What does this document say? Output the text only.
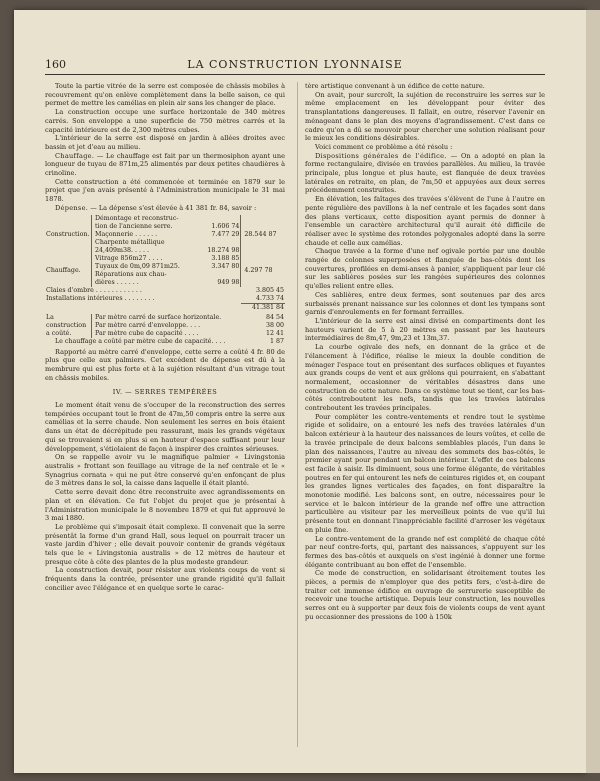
160	LA CONSTRUCTION LYONNAISE

Toute la partie vitrée de la serre est composée de châssis mobiles à recouvrement qu'on enlève complètement dans la belle saison, ce qui permet de mettre les camélias en plein air sans les changer de place.

La construction occupe une surface horizontale de 340 mètres carrés. Son enveloppe a une superficie de 750 mètres carrés et la capacité intérieure est de 2,300 mètres cubes.

L'intérieur de la serre est disposé en jardin à allées droites avec bassin et jet d'eau au milieu.

Chauffage. — Le chauffage est fait par un thermosiphon ayant une longueur de tuyau de 871m,25 alimentés par deux petites chaudières à crinoline.

Cette construction a été commencée et terminée en 1879 sur le projet que j'en avais présenté à l'Administration municipale le 31 mai 1878.

Dépense. — La dépense s'est élevée à 41 381 fr. 84, savoir :

Construction.	Démontage et reconstruc-		28.544 87
	tion de l'ancienne serre.	1.606 74	
	Maçonnerie . . . . . .	7.477 29	
	Charpente métallique		
	24,409m38. . . . .	18.274 98	
Chauffage.	Vitrage 856m27 . . . .	3.188 85	4.297 78
	Tuyaux de 0m,09 871m25.	3.347 80	
	Réparations aux chau-		
	dières . . . . . .	949 98	
Claies d'ombre . . . . . . . . . . . .			3.805 45
Installations intérieures . . . . . . . .			4.733 74
			41.381 84
La construction
a coûté.	Par mètre carré de surface horizontale.	84 54
	Par mètre carré d'enveloppe. . . .	38 00
	Par mètre cube de capacité . . . .	12 41
Le chauffage a coûté par mètre cube de capacité. . . .		1 87

Rapporté au mètre carré d'enveloppe, cette serre a coûté 4 fr. 80 de plus que celle aux palmiers. Cet excédent de dépense est dû à la membrure qui est plus forte et à la sujétion résultant d'un vitrage tout en châssis mobiles.

IV. — SERRES TEMPÉRÉES

Le moment était venu de s'occuper de la reconstruction des serres tempérées occupant tout le front de 47m,50 compris entre la serre aux camélias et la serre chaude. Non seulement les serres en bois étaient dans un état de décrépitude peu rassurant, mais les grands végétaux qui se trouvaient si en plus si en hauteur d'espace suffisant pour leur développement, s'étiolaient de façon à inspirer des craintes sérieuses.

On se rappelle avoir vu le magnifique palmier « Livingstonia australis » frottant son feuillage au vitrage de la nef centrale et le « Synagrius cornata » qui ne put être conservé qu'en enfonçant de plus de 3 mètres dans le sol, la caisse dans laquelle il était planté.

Cette serre devait donc être reconstruite avec agrandissements en plan et en élévation. Ce fut l'objet du projet que je présentai à l'Administration municipale le 8 novembre 1879 et qui fut approuvé le 3 mai 1880.

Le problème qui s'imposait était complexe. Il convenait que la serre présentât la forme d'un grand Hall, sous lequel on pourrait tracer un vaste jardin d'hiver ; elle devait pouvoir contenir de grands végétaux tels que le « Livingstonia australis » de 12 mètres de hauteur et presque côte à côte des plantes de la plus modeste grandeur.

La construction devait, pour résister aux violents coups de vent si fréquents dans la contrée, présenter une grande rigidité qu'il fallait concilier avec l'élégance et en quelque sorte le carac-

tère artistique convenant à un édifice de cette nature.

On avait, pour surcroît, la sujétion de reconstruire les serres sur le même emplacement en les développant pour éviter des transplantations dangereuses. Il fallait, en outre, réserver l'avenir en ménageant dans le plan des moyens d'agrandissement. C'est dans ce cadre qu'on a dû se mouvoir pour chercher une solution réalisant pour le mieux les conditions désirables.

Voici comment ce problème a été résolu :

Dispositions générales de l'édifice. — On a adopté en plan la forme rectangulaire, divisée en travées parallèles. Au milieu, la travée principale, plus longue et plus haute, est flanquée de deux travées latérales en retraite, en plan, de 7m,50 et appuyées aux deux serres précédemment construites.

En élévation, les faîtages des travées s'élèvent de l'une à l'autre en pente régulière des pavillons à la nef centrale et les façades sont dans des plans verticaux, cette disposition ayant permis de donner à l'ensemble un caractère architectural qu'il aurait été difficile de réaliser avec le système des rotondes polygonales adopté dans la serre chaude et celle aux camélias.

Chaque travée a la forme d'une nef ogivale portée par une double rangée de colonnes superposées et flanquée de bas-côtés dont les couvertures, profilées en demi-anses à panier, s'appliquent par leur clé sur les sablières posées sur les rangées supérieures des colonnes qu'elles relient entre elles.

Ces sablières, entre deux fermes, sont soutenues par des arcs surbaissés prenant naissance sur les colonnes et dont les tympans sont garnis d'enroulements en fer formant ferrailles.

L'intérieur de la serre est ainsi divisé en compartiments dont les hauteurs varient de 5 à 20 mètres en passant par les hauteurs intermédiaires de 8m,47, 9m,23 et 13m,37.

La courbe ogivale des nefs, en donnant de la grâce et de l'élancement à l'édifice, réalise le mieux la double condition de ménager l'espace tout en présentant des surfaces obliques et fuyantes aux grands coups de vent et aux grêlons qui pourraient, en s'abattant normalement, occasionner de véritables désastres dans une construction de cette nature. Dans ce système tout se tient, car les bas-côtés contreboutent les nefs, tandis que les travées latérales contreboutent les travées principales.

Pour compléter les contre-ventements et rendre tout le système rigide et solidaire, on a entouré les nefs des travées latérales d'un balcon extérieur à la hauteur des naissances de leurs voûtes, et celle de la travée principale de deux balcons semblables placés, l'un dans le plan des naissances, l'autre au niveau des sommets des bas-côtés, le premier ayant pour pendant un balcon intérieur. L'effet de ces balcons est facile à saisir. Ils diminuent, sous une forme élégante, de véritables poutres en fer qui entourent les nefs de ceintures rigides et, en coupant les grandes lignes verticales des façades, en font disparaître la monotonie modifié. Les balcons sont, en outre, nécessaires pour le service et le balcon intérieur de la grande nef offre une attraction particulière au visiteur par les merveilleux points de vue qu'il lui présente tout en donnant l'inappréciable facilité d'arroser les végétaux en pluie fine.

Le contre-ventement de la grande nef est complété de chaque côté par neuf contre-forts, qui, partant des naissances, s'appuyent sur les fermes des bas-côtés et auxquels on s'est ingénié à donner une forme élégante contribuant au bon effet de l'ensemble.

Ce mode de construction, en solidarisant étroitement toutes les pièces, a permis de n'employer que des petits fers, c'est-à-dire de traiter cet immense édifice en ouvrage de serrurerie susceptible de recevoir une touche artistique. Depuis leur construction, les nouvelles serres ont eu à supporter par deux fois de violents coups de vent ayant pu occasionner des pressions de 100 à 150k
